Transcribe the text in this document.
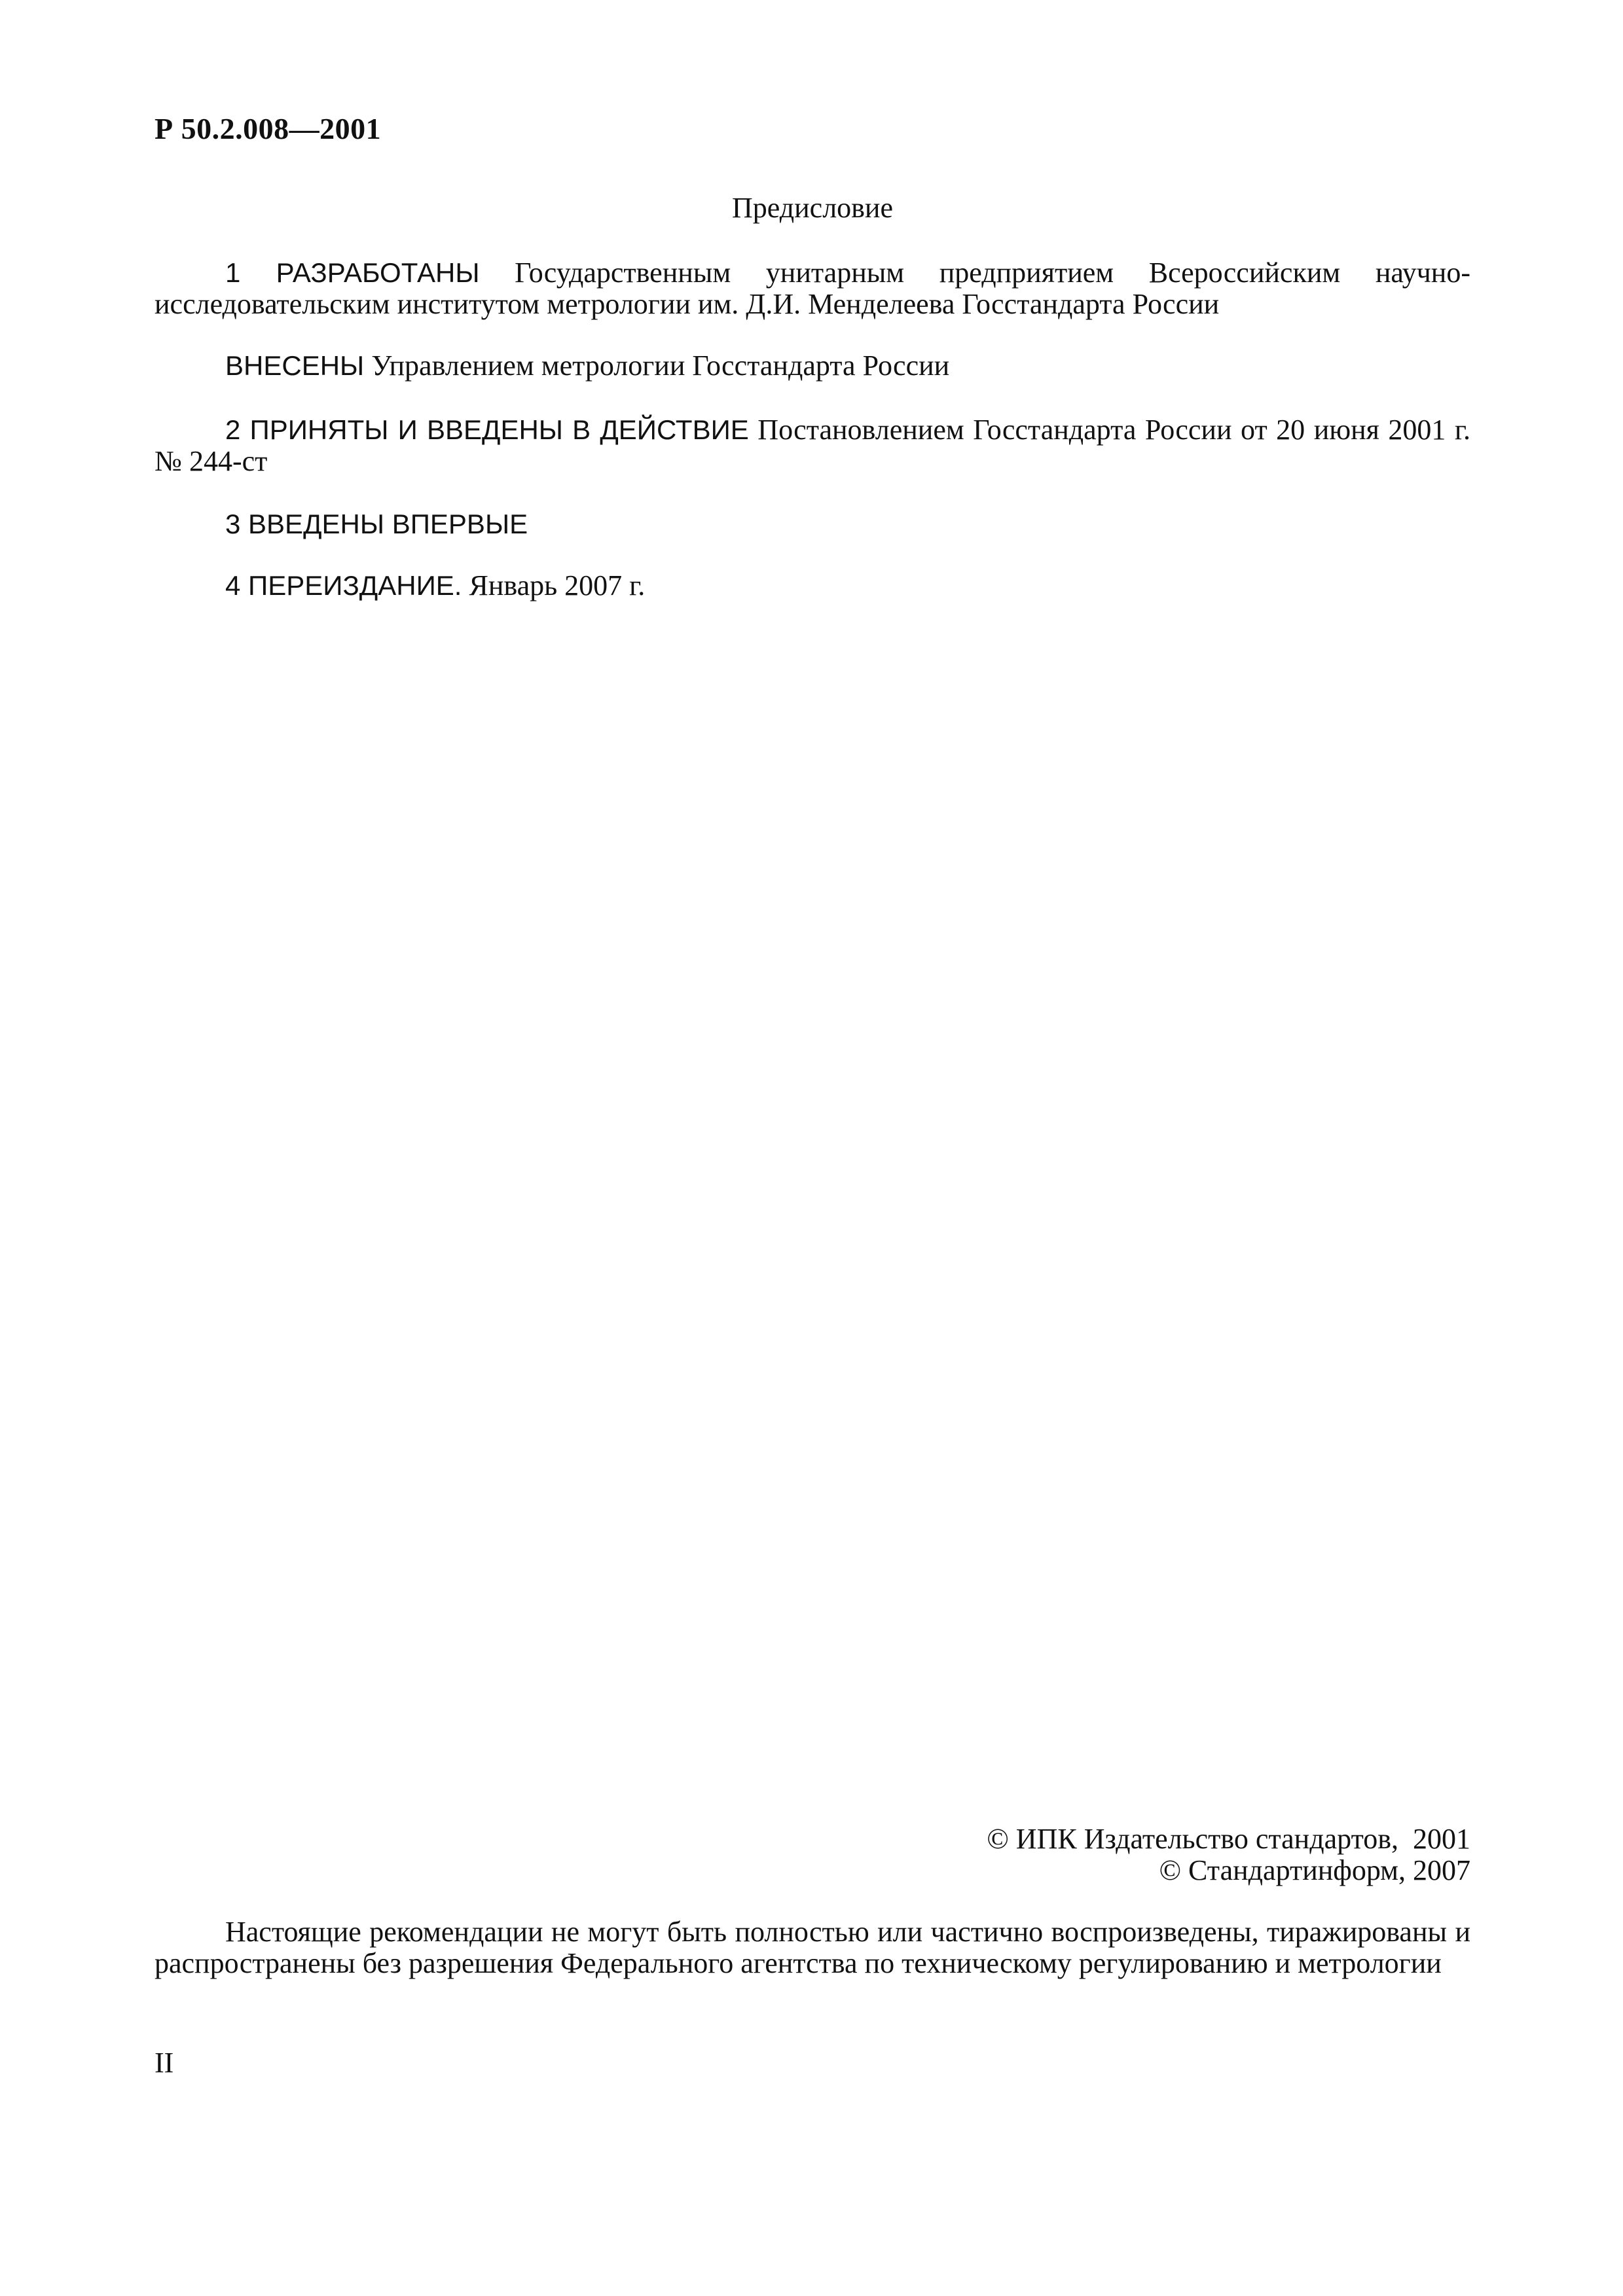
Р 50.2.008—2001
Предисловие

1 РАЗРАБОТАНЫ Государственным унитарным предприятием Всероссийским научно-исследовательским институтом метрологии им. Д.И. Менделеева Госстандарта России

ВНЕСЕНЫ Управлением метрологии Госстандарта России

2 ПРИНЯТЫ И ВВЕДЕНЫ В ДЕЙСТВИЕ Постановлением Госстандарта России от 20 июня 2001 г. № 244-ст

3 ВВЕДЕНЫ ВПЕРВЫЕ

4 ПЕРЕИЗДАНИЕ. Январь 2007 г.

© ИПК Издательство стандартов,  2001
© Стандартинформ, 2007

Настоящие рекомендации не могут быть полностью или частично воспроизведены, тиражированы и распространены без разрешения Федерального агентства по техническому регулированию и метрологии

II
